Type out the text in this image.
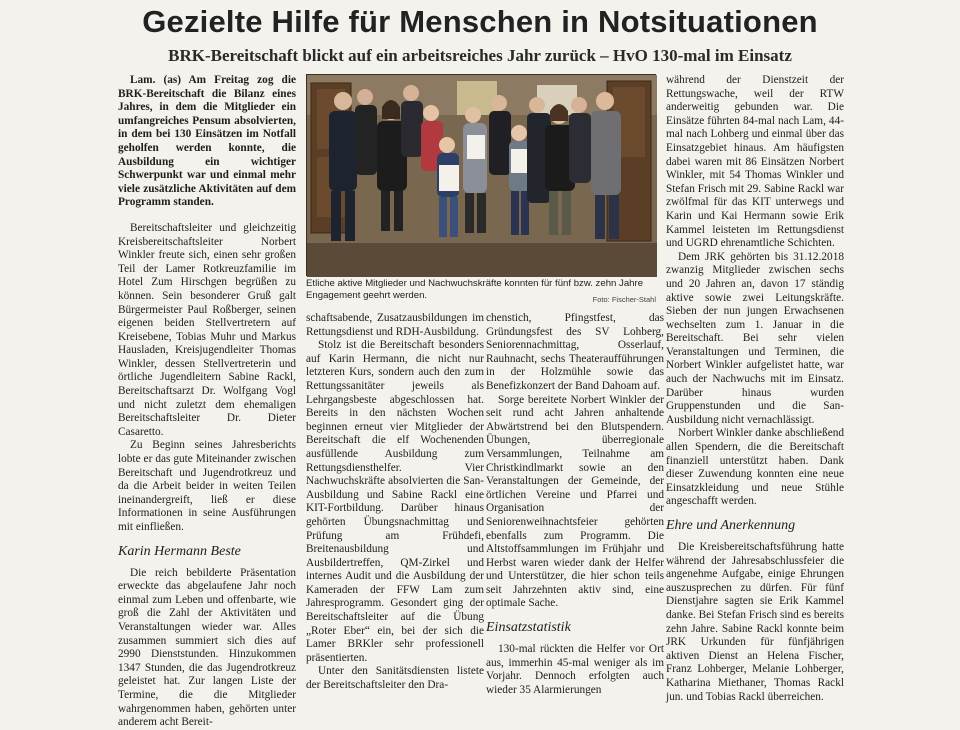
Gezielte Hilfe für Menschen in Notsituationen
BRK-Bereitschaft blickt auf ein arbeitsreiches Jahr zurück – HvO 130-mal im Einsatz

Lam. (as) Am Freitag zog die BRK-Bereitschaft die Bilanz eines Jahres, in dem die Mitglieder ein umfangreiches Pensum absolvierten, in dem bei 130 Einsätzen im Notfall geholfen werden konnte, die Ausbildung ein wichtiger Schwerpunkt war und einmal mehr viele zusätzliche Aktivitäten auf dem Programm standen.

Bereitschaftsleiter und gleichzeitig Kreisbereitschaftsleiter Norbert Winkler freute sich, einen sehr großen Teil der Lamer Rotkreuzfamilie im Hotel Zum Hirschgen begrüßen zu können. Sein besonderer Gruß galt Bürgermeister Paul Roßberger, seinen eigenen beiden Stellvertretern auf Kreisebene, Tobias Muhr und Markus Hausladen, Kreisjugendleiter Thomas Winkler, dessen Stellvertreterin und örtliche Jugendleitern Sabine Rackl, Bereitschaftsarzt Dr. Wolfgang Vogl und nicht zuletzt dem ehemaligen Bereitschaftsleiter Dr. Dieter Casaretto.

Zu Beginn seines Jahresberichts lobte er das gute Miteinander zwischen Bereitschaft und Jugendrotkreuz und da die Arbeit beider in weiten Teilen ineinandergreift, ließ er diese Informationen in seine Ausführungen mit einfließen.

Karin Hermann Beste

Die reich bebilderte Präsentation erweckte das abgelaufene Jahr noch einmal zum Leben und offenbarte, wie groß die Zahl der Aktivitäten und Veranstaltungen wieder war. Alles zusammen summiert sich dies auf 2990 Dienststunden. Hinzukommen 1347 Stunden, die das Jugendrotkreuz geleistet hat. Zur langen Liste der Termine, die die Mitglieder wahrgenommen haben, gehörten unter anderem acht Bereit-

Etliche aktive Mitglieder und Nachwuchskräfte konnten für fünf bzw. zehn Jahre Engagement geehrt werden.	Foto: Fischer-Stahl

schaftsabende, Zusatzausbildungen im Rettungsdienst und RDH-Ausbildung.

Stolz ist die Bereitschaft besonders auf Karin Hermann, die nicht nur letzteren Kurs, sondern auch den zum Rettungssanitäter jeweils als Lehrgangsbeste abgeschlossen hat. Bereits in den nächsten Wochen beginnen erneut vier Mitglieder der Bereitschaft die elf Wochenenden ausfüllende Ausbildung zum Rettungsdiensthelfer. Vier Nachwuchskräfte absolvierten die San-Ausbildung und Sabine Rackl eine KIT-Fortbildung. Darüber hinaus gehörten Übungsnachmittag und Prüfung am Frühdefi, Breitenausbildung und Ausbildertreffen, QM-Zirkel und internes Audit und die Ausbildung der Kameraden der FFW Lam zum Jahresprogramm. Gesondert ging der Bereitschaftsleiter auf die Übung „Roter Eber“ ein, bei der sich die Lamer BRKler sehr professionell präsentierten.

Unter den Sanitätsdiensten listete der Bereitschaftsleiter den Dra-

chenstich, Pfingstfest, das Gründungsfest des SV Lohberg, Seniorennachmittag, Osserlauf, Rauhnacht, sechs Theateraufführungen in der Holzmühle sowie das Benefizkonzert der Band Dahoam auf.

Sorge bereitete Norbert Winkler der seit rund acht Jahren anhaltende Abwärtstrend bei den Blutspendern. Übungen, überregionale Versammlungen, Teilnahme am Christkindlmarkt sowie an den Veranstaltungen der Gemeinde, der örtlichen Vereine und Pfarrei und Organisation der Seniorenweihnachtsfeier gehörten ebenfalls zum Programm. Die Altstoffsammlungen im Frühjahr und Herbst waren wieder dank der Helfer und Unterstützer, die hier schon teils seit Jahrzehnten aktiv sind, eine optimale Sache.

Einsatzstatistik

130-mal rückten die Helfer vor Ort aus, immerhin 45-mal weniger als im Vorjahr. Dennoch erfolgten auch wieder 35 Alarmierungen

während der Dienstzeit der Rettungswache, weil der RTW anderweitig gebunden war. Die Einsätze führten 84-mal nach Lam, 44-mal nach Lohberg und einmal über das Einsatzgebiet hinaus. Am häufigsten dabei waren mit 86 Einsätzen Norbert Winkler, mit 54 Thomas Winkler und Stefan Frisch mit 29. Sabine Rackl war zwölfmal für das KIT unterwegs und Karin und Kai Hermann sowie Erik Kammel leisteten im Rettungsdienst und UGRD ehrenamtliche Schichten.

Dem JRK gehörten bis 31.12.2018 zwanzig Mitglieder zwischen sechs und 20 Jahren an, davon 17 ständig aktive sowie zwei Leitungskräfte. Sieben der nun jungen Erwachsenen wechselten zum 1. Januar in die Bereitschaft. Bei sehr vielen Veranstaltungen und Terminen, die Norbert Winkler aufgelistet hatte, war auch der Nachwuchs mit im Einsatz. Darüber hinaus wurden Gruppenstunden und die San-Ausbildung nicht vernachlässigt.

Norbert Winkler danke abschließend allen Spendern, die die Bereitschaft finanziell unterstützt haben. Dank dieser Zuwendung konnten eine neue Einsatzkleidung und neue Stühle angeschafft werden.

Ehre und Anerkennung

Die Kreisbereitschaftsführung hatte während der Jahresabschlussfeier die angenehme Aufgabe, einige Ehrungen auszusprechen zu dürfen. Für fünf Dienstjahre sagten sie Erik Kammel danke. Bei Stefan Frisch sind es bereits zehn Jahre. Sabine Rackl konnte beim JRK Urkunden für fünfjährigen aktiven Dienst an Helena Fischer, Franz Lohberger, Melanie Lohberger, Katharina Miethaner, Thomas Rackl jun. und Tobias Rackl überreichen.
